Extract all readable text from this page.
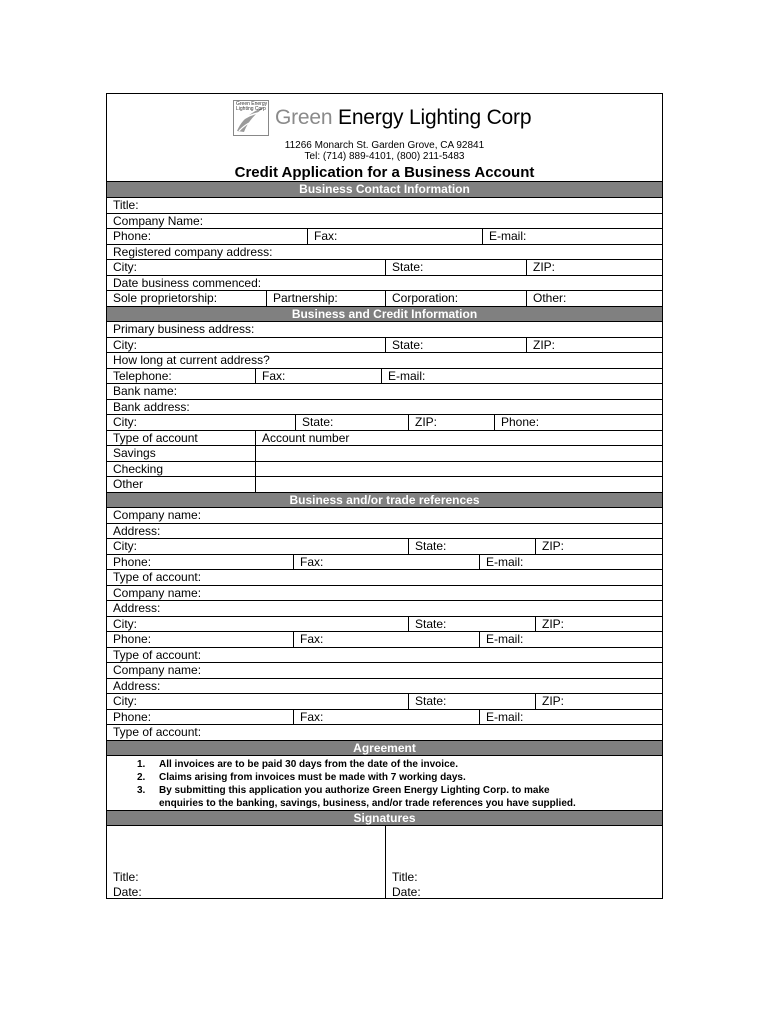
Green Energy Lighting Corp Green Energy Lighting Corp
11266 Monarch St. Garden Grove, CA 92841
Tel: (714) 889-4101, (800) 211-5483
Credit Application for a Business Account
Business Contact Information
Title:
Company Name:
Phone:	Fax:	E-mail:
Registered company address:
City:	State:	ZIP:
Date business commenced:
Sole proprietorship:	Partnership:	Corporation:	Other:
Business and Credit Information
Primary business address:
City:	State:	ZIP:
How long at current address?
Telephone:	Fax:	E-mail:
Bank name:
Bank address:
City:	State:	ZIP:	Phone:
Type of account	Account number
Savings
Checking
Other
Business and/or trade references
Company name:
Address:
City:	State:	ZIP:
Phone:	Fax:	E-mail:
Type of account:
Company name:
Address:
City:	State:	ZIP:
Phone:	Fax:	E-mail:
Type of account:
Company name:
Address:
City:	State:	ZIP:
Phone:	Fax:	E-mail:
Type of account:
Agreement
1. All invoices are to be paid 30 days from the date of the invoice.
2. Claims arising from invoices must be made with 7 working days.
3. By submitting this application you authorize Green Energy Lighting Corp. to make
enquiries to the banking, savings, business, and/or trade references you have supplied.
Signatures
Title:
Date:
Title:
Date:
